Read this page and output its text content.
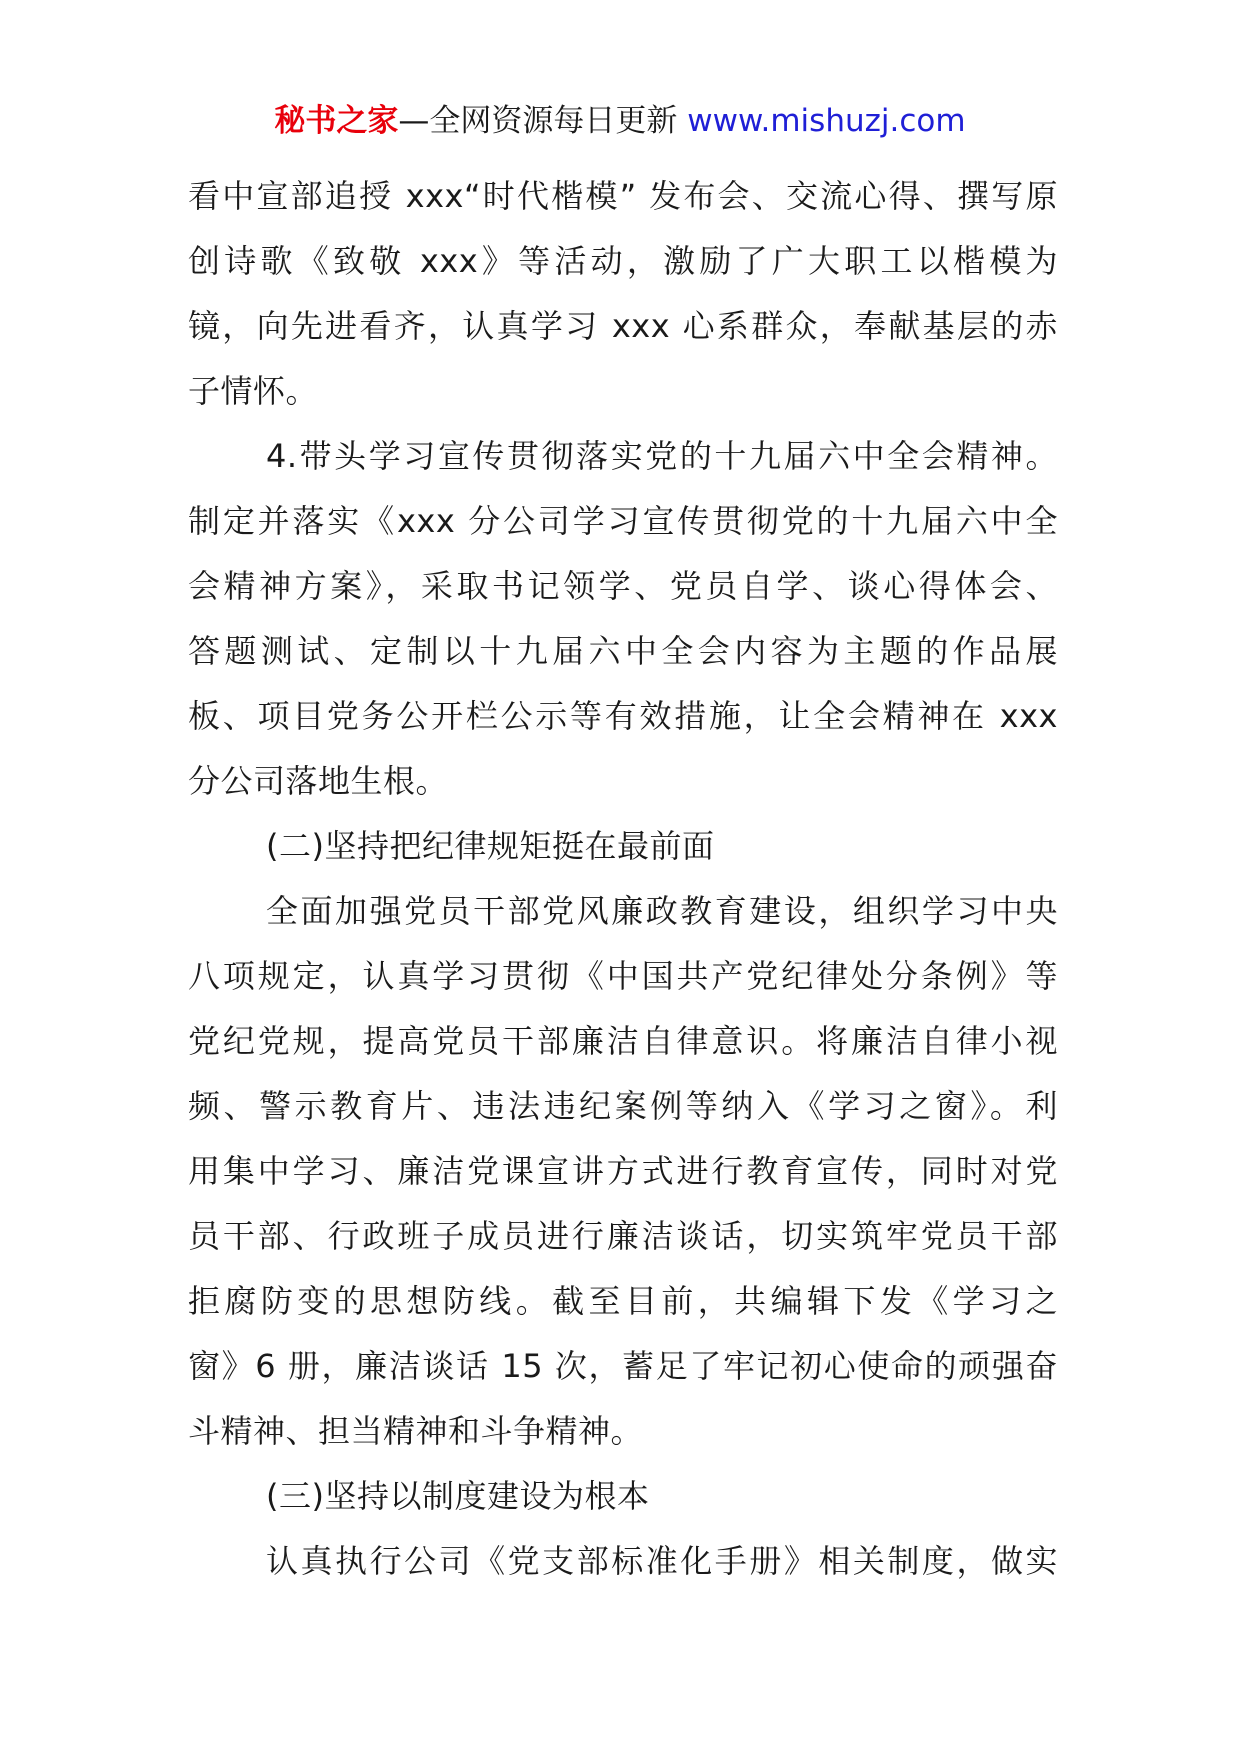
秘书之家—全网资源每日更新 www.mishuzj.com
看中宣部追授 xxx“时代楷模” 发布会、交流心得、撰写原
创诗歌《致敬 xxx》等活动，激励了广大职工以楷模为
镜，向先进看齐，认真学习 xxx 心系群众，奉献基层的赤
子情怀。
4.带头学习宣传贯彻落实党的十九届六中全会精神。
制定并落实《xxx 分公司学习宣传贯彻党的十九届六中全
会精神方案》，采取书记领学、党员自学、谈心得体会、
答题测试、定制以十九届六中全会内容为主题的作品展
板、项目党务公开栏公示等有效措施，让全会精神在 xxx
分公司落地生根。
(二)坚持把纪律规矩挺在最前面
全面加强党员干部党风廉政教育建设，组织学习中央
八项规定，认真学习贯彻《中国共产党纪律处分条例》等
党纪党规，提高党员干部廉洁自律意识。将廉洁自律小视
频、警示教育片、违法违纪案例等纳入《学习之窗》。利
用集中学习、廉洁党课宣讲方式进行教育宣传，同时对党
员干部、行政班子成员进行廉洁谈话，切实筑牢党员干部
拒腐防变的思想防线。截至目前，共编辑下发《学习之
窗》6 册，廉洁谈话 15 次，蓄足了牢记初心使命的顽强奋
斗精神、担当精神和斗争精神。
(三)坚持以制度建设为根本
认真执行公司《党支部标准化手册》相关制度，做实
